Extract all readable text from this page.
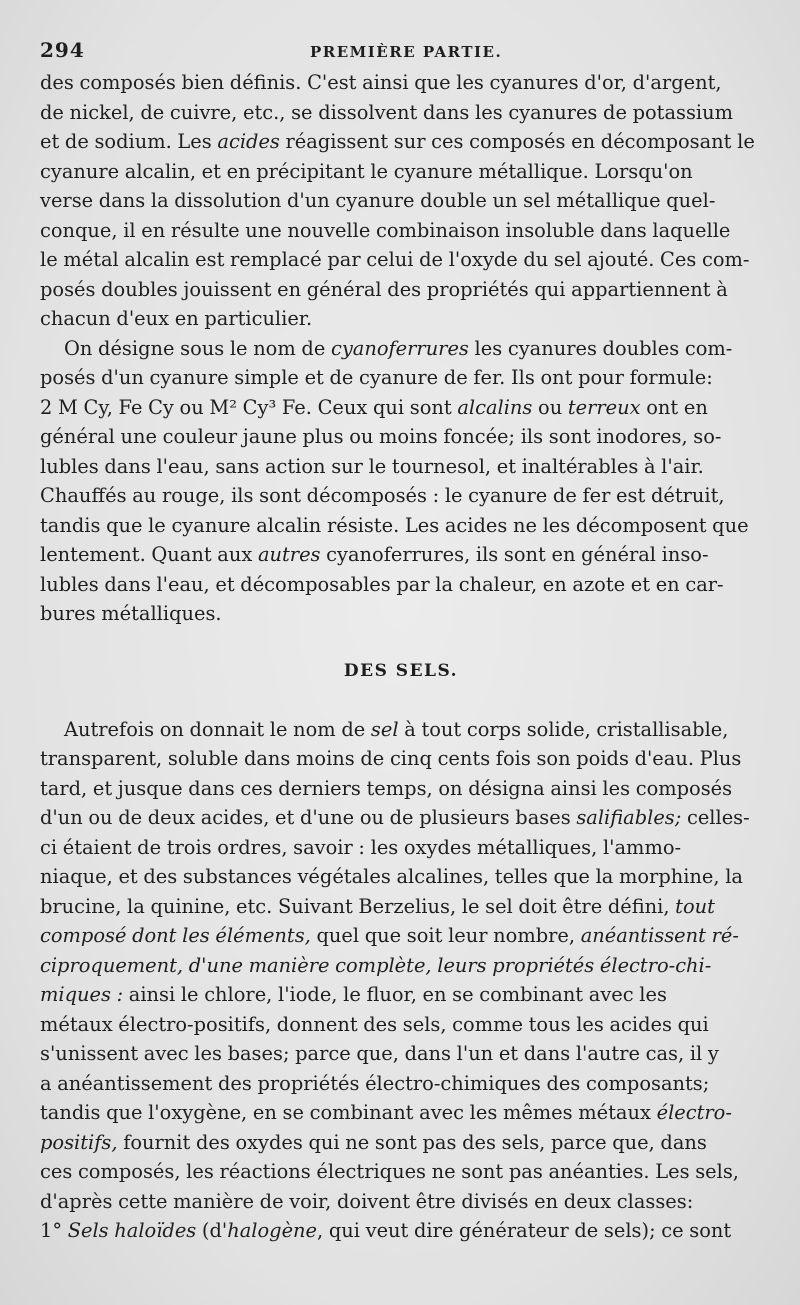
294	PREMIÈRE PARTIE.

des composés bien définis. C'est ainsi que les cyanures d'or, d'argent,
de nickel, de cuivre, etc., se dissolvent dans les cyanures de potassium
et de sodium. Les acides réagissent sur ces composés en décomposant le
cyanure alcalin, et en précipitant le cyanure métallique. Lorsqu'on
verse dans la dissolution d'un cyanure double un sel métallique quel-
conque, il en résulte une nouvelle combinaison insoluble dans laquelle
le métal alcalin est remplacé par celui de l'oxyde du sel ajouté. Ces com-
posés doubles jouissent en général des propriétés qui appartiennent à
chacun d'eux en particulier.

On désigne sous le nom de cyanoferrures les cyanures doubles com-
posés d'un cyanure simple et de cyanure de fer. Ils ont pour formule:
2 M Cy, Fe Cy ou M² Cy³ Fe. Ceux qui sont alcalins ou terreux ont en
général une couleur jaune plus ou moins foncée; ils sont inodores, so-
lubles dans l'eau, sans action sur le tournesol, et inaltérables à l'air.
Chauffés au rouge, ils sont décomposés : le cyanure de fer est détruit,
tandis que le cyanure alcalin résiste. Les acides ne les décomposent que
lentement. Quant aux autres cyanoferrures, ils sont en général inso-
lubles dans l'eau, et décomposables par la chaleur, en azote et en car-
bures métalliques.

DES SELS.

Autrefois on donnait le nom de sel à tout corps solide, cristallisable,
transparent, soluble dans moins de cinq cents fois son poids d'eau. Plus
tard, et jusque dans ces derniers temps, on désigna ainsi les composés
d'un ou de deux acides, et d'une ou de plusieurs bases salifiables; celles-
ci étaient de trois ordres, savoir : les oxydes métalliques, l'ammo-
niaque, et des substances végétales alcalines, telles que la morphine, la
brucine, la quinine, etc. Suivant Berzelius, le sel doit être défini, tout
composé dont les éléments, quel que soit leur nombre, anéantissent ré-
ciproquement, d'une manière complète, leurs propriétés électro-chi-
miques : ainsi le chlore, l'iode, le fluor, en se combinant avec les
métaux électro-positifs, donnent des sels, comme tous les acides qui
s'unissent avec les bases; parce que, dans l'un et dans l'autre cas, il y
a anéantissement des propriétés électro-chimiques des composants;
tandis que l'oxygène, en se combinant avec les mêmes métaux électro-
positifs, fournit des oxydes qui ne sont pas des sels, parce que, dans
ces composés, les réactions électriques ne sont pas anéanties. Les sels,
d'après cette manière de voir, doivent être divisés en deux classes:
1° Sels haloïdes (d'halogène, qui veut dire générateur de sels); ce sont
